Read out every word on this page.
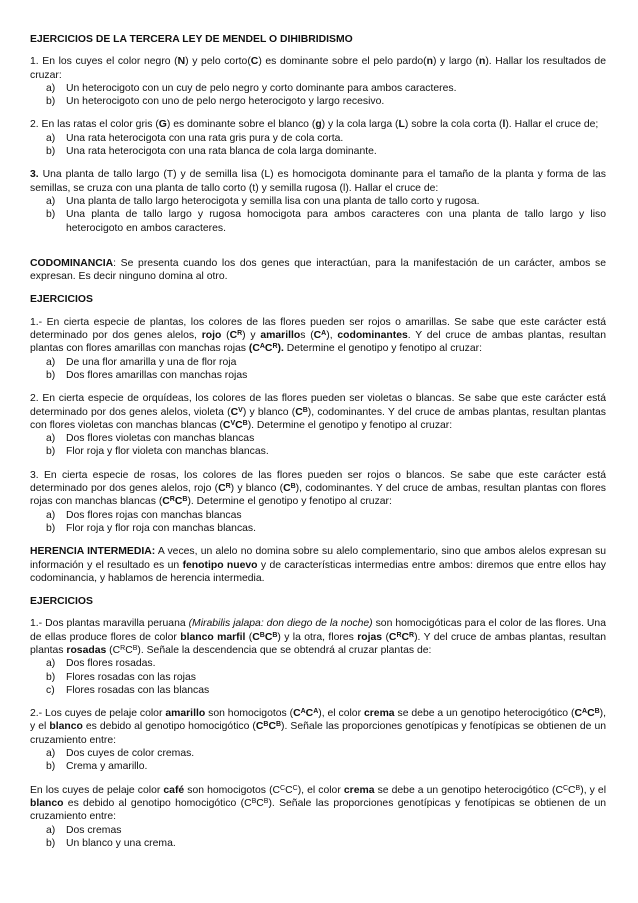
EJERCICIOS DE LA TERCERA LEY DE MENDEL O DIHIBRIDISMO

1. En los cuyes el color negro (N) y pelo corto(C) es dominante sobre el pelo pardo(n) y largo (n). Hallar los resultados de cruzar:

a)	Un heterocigoto con un cuy de pelo negro y corto dominante para ambos caracteres.
b)	Un heterocigoto con uno de pelo nergo heterocigoto y largo recesivo.

2. En las ratas el color gris (G) es dominante sobre el blanco (g) y la cola larga (L) sobre la cola corta (l). Hallar el cruce de;

a)	Una rata heterocigota con una rata gris pura y de cola corta.
b)	Una rata heterocigota con una rata blanca de cola larga dominante.

3. Una planta de tallo largo (T) y de semilla lisa (L) es homocigota dominante para el tamaño de la planta y forma de las semillas, se cruza con una planta de tallo corto (t) y semilla rugosa (l). Hallar el cruce de:

a)	Una planta de tallo largo heterocigota y semilla lisa con una planta de tallo corto y rugosa.
b)	Una planta de tallo largo y rugosa homocigota para ambos caracteres con una planta de tallo largo y liso heterocigoto en ambos caracteres.

CODOMINANCIA: Se presenta cuando los dos genes que interactúan, para la manifestación de un carácter, ambos se expresan. Es decir ninguno domina al otro.

EJERCICIOS

1.- En cierta especie de plantas, los colores de las flores pueden ser rojos o amarillas. Se sabe que este carácter está determinado por dos genes alelos, rojo $(C^R)$ y amarillos $(C^A)$, codominantes. Y del cruce de ambas plantas, resultan plantas con flores amarillas con manchas rojas $(C^AC^R)$. Determine el genotipo y fenotipo al cruzar:

a)	De una flor amarilla y una de flor roja
b)	Dos flores amarillas con manchas rojas

2. En cierta especie de orquídeas, los colores de las flores pueden ser violetas o blancas. Se sabe que este carácter está determinado por dos genes alelos, violeta $(C^V)$ y blanco $(C^B)$, codominantes. Y del cruce de ambas plantas, resultan plantas con flores violetas con manchas blancas $(C^VC^B)$. Determine el genotipo y fenotipo al cruzar:

a)	Dos flores violetas con manchas blancas
b)	Flor roja y flor violeta con manchas blancas.

3. En cierta especie de rosas, los colores de las flores pueden ser rojos o blancos. Se sabe que este carácter está determinado por dos genes alelos, rojo $(C^R)$ y blanco $(C^B)$, codominantes. Y del cruce de ambas, resultan plantas con flores rojas con manchas blancas $(C^RC^B)$. Determine el genotipo y fenotipo al cruzar:

a)	Dos flores rojas con manchas blancas
b)	Flor roja y flor roja con manchas blancas.

HERENCIA INTERMEDIA: A veces, un alelo no domina sobre su alelo complementario, sino que ambos alelos expresan su información y el resultado es un fenotipo nuevo y de características intermedias entre ambos: diremos que entre ellos hay codominancia, y hablamos de herencia intermedia.

EJERCICIOS

1.- Dos plantas maravilla peruana (Mirabilis jalapa: don diego de la noche) son homocigóticas para el color de las flores. Una de ellas produce flores de color blanco marfil $(C^BC^B)$ y la otra, flores rojas $(C^RC^R)$. Y del cruce de ambas plantas, resultan plantas rosadas $(C^RC^B)$. Señale la descendencia que se obtendrá al cruzar plantas de:

a)	Dos flores rosadas.
b)	Flores rosadas con las rojas
c)	Flores rosadas con las blancas

2.- Los cuyes de pelaje color amarillo son homocigotos $(C^AC^A)$, el color crema se debe a un genotipo heterocigótico $(C^AC^B)$, y el blanco es debido al genotipo homocigótico $(C^BC^B)$. Señale las proporciones genotípicas y fenotípicas se obtienen de un cruzamiento entre:

a)	Dos cuyes de color cremas.
b)	Crema y amarillo.

En los cuyes de pelaje color café son homocigotos $(C^CC^C)$, el color crema se debe a un genotipo heterocigótico $(C^CC^B)$, y el blanco es debido al genotipo homocigótico $(C^BC^B)$. Señale las proporciones genotípicas y fenotípicas se obtienen de un cruzamiento entre:

a)	Dos cremas
b)	Un blanco y una crema.
